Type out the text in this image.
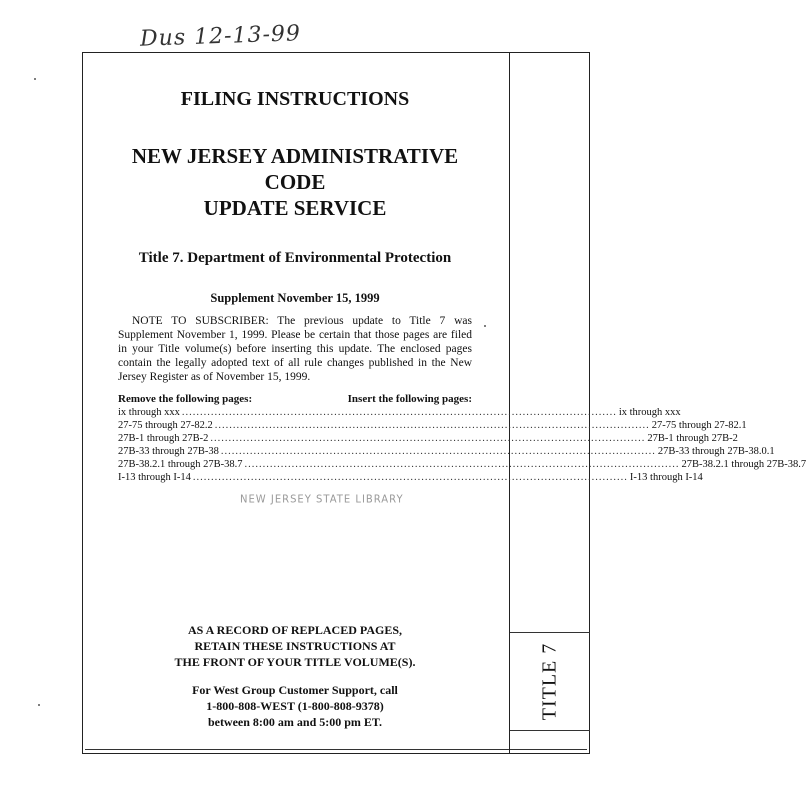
Dus 12-13-99
TITLE 7
FILING INSTRUCTIONS
NEW JERSEY ADMINISTRATIVE CODE
UPDATE SERVICE
Title 7. Department of Environmental Protection
Supplement November 15, 1999
NOTE TO SUBSCRIBER: The previous update to Title 7 was Supplement November 1, 1999. Please be certain that those pages are filed in your Title volume(s) before inserting this update. The enclosed pages contain the legally adopted text of all rule changes published in the New Jersey Register as of November 15, 1999.
Remove the following pages:	Insert the following pages:
ix through xxx ........................................................................................................................ ix through xxx
27-75 through 27-82.2 ........................................................................................................................ 27-75 through 27-82.1
27B-1 through 27B-2 ........................................................................................................................ 27B-1 through 27B-2
27B-33 through 27B-38 ........................................................................................................................ 27B-33 through 27B-38.0.1
27B-38.2.1 through 27B-38.7 ........................................................................................................................ 27B-38.2.1 through 27B-38.7
I-13 through I-14 ........................................................................................................................ I-13 through I-14
NEW JERSEY STATE LIBRARY
AS A RECORD OF REPLACED PAGES,
RETAIN THESE INSTRUCTIONS AT
THE FRONT OF YOUR TITLE VOLUME(S).
For West Group Customer Support, call
1-800-808-WEST (1-800-808-9378)
between 8:00 am and 5:00 pm ET.
